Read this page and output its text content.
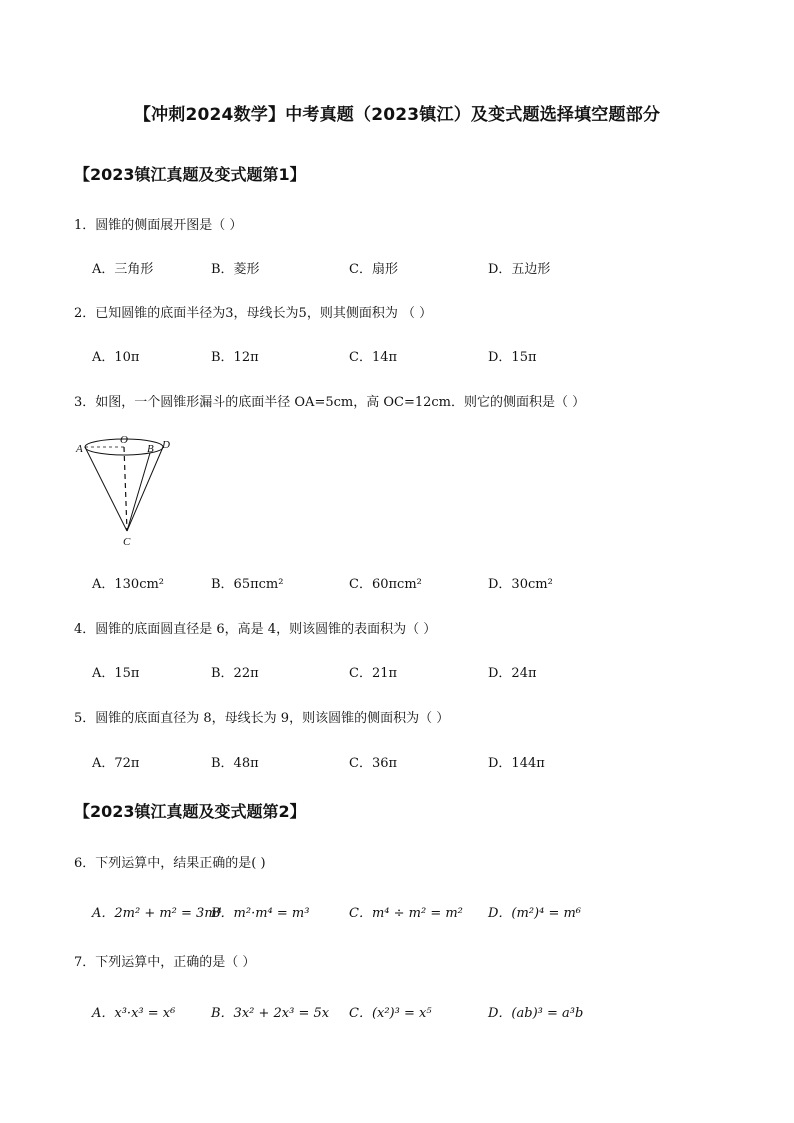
【冲刺2024数学】中考真题（2023镇江）及变式题选择填空题部分
【2023镇江真题及变式题第1】
1．圆锥的侧面展开图是（ ）
A．三角形	B．菱形	C．扇形	D．五边形
2．已知圆锥的底面半径为3，母线长为5，则其侧面积为 （ ）
A．10π	B．12π	C．14π	D．15π
3．如图，一个圆锥形漏斗的底面半径 OA=5cm，高 OC=12cm．则它的侧面积是（ ）
A
O
B D
C
A．130cm²	B．65πcm²	C．60πcm²	D．30cm²
4．圆锥的底面圆直径是 6，高是 4，则该圆锥的表面积为（ ）
A．15π	B．22π	C．21π	D．24π
5．圆锥的底面直径为 8，母线长为 9，则该圆锥的侧面积为（ ）
A．72π	B．48π	C．36π	D．144π
【2023镇江真题及变式题第2】
6．下列运算中，结果正确的是( )
A．2m² + m² = 3m⁴
B．m²·m⁴ = m³	C．m⁴ ÷ m² = m² D．(m²)⁴ = m⁶
7．下列运算中，正确的是（ ）
A．x³·x³ = x⁶	B．3x² + 2x³ = 5x C．(x²)³ = x⁵	D．(ab)³ = a³b
